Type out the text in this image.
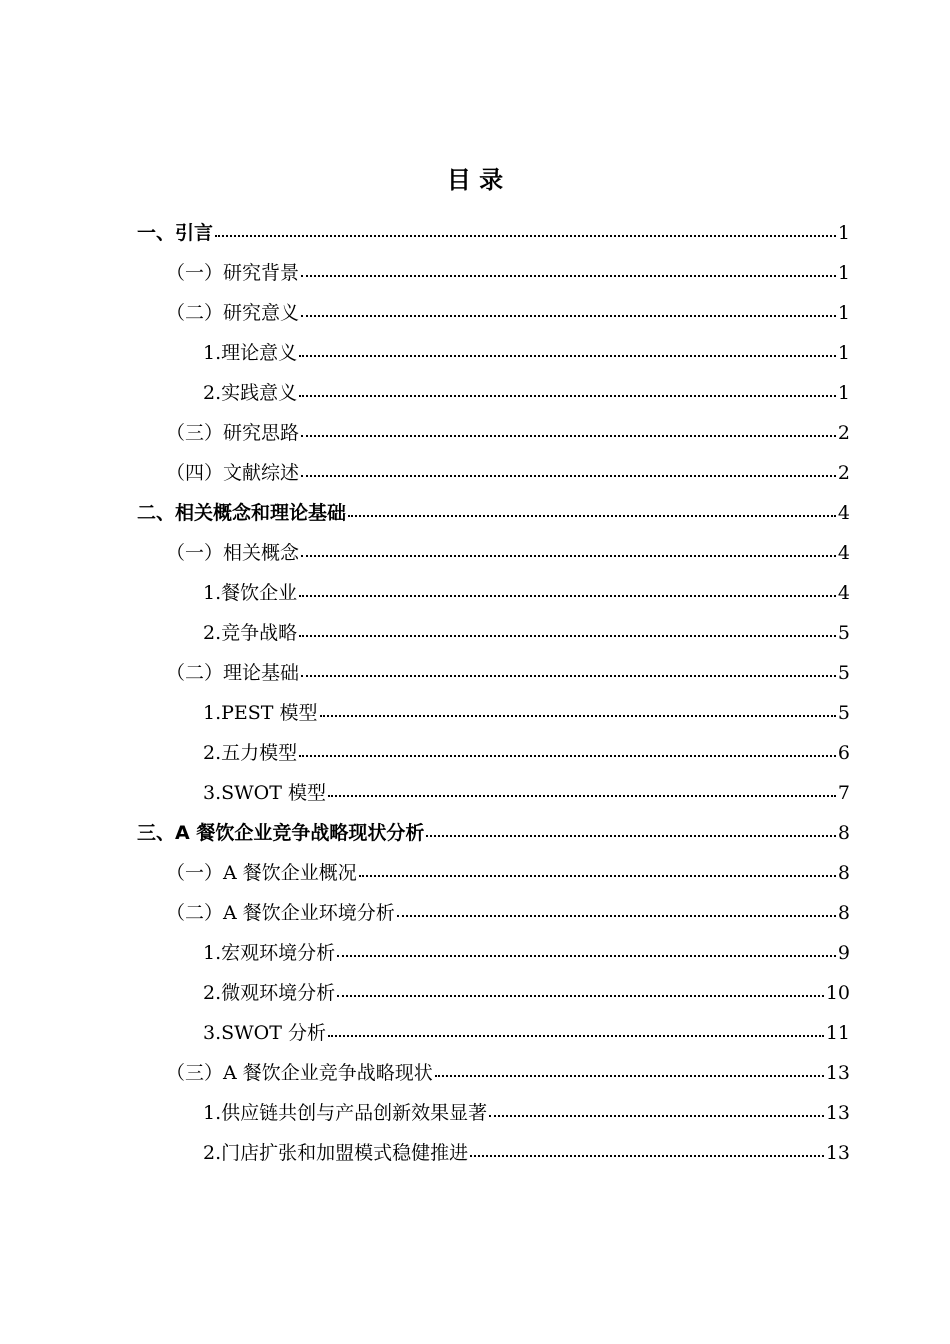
目 录
一、引言	1
（一）研究背景	1
（二）研究意义	1
1.理论意义	1
2.实践意义	1
（三）研究思路	2
（四）文献综述	2
二、相关概念和理论基础	4
（一）相关概念	4
1.餐饮企业	4
2.竞争战略	5
（二）理论基础	5
1.PEST 模型	5
2.五力模型	6
3.SWOT 模型	7
三、A 餐饮企业竞争战略现状分析	8
（一）A 餐饮企业概况	8
（二）A 餐饮企业环境分析	8
1.宏观环境分析	9
2.微观环境分析	10
3.SWOT 分析	11
（三）A 餐饮企业竞争战略现状	13
1.供应链共创与产品创新效果显著	13
2.门店扩张和加盟模式稳健推进	13
